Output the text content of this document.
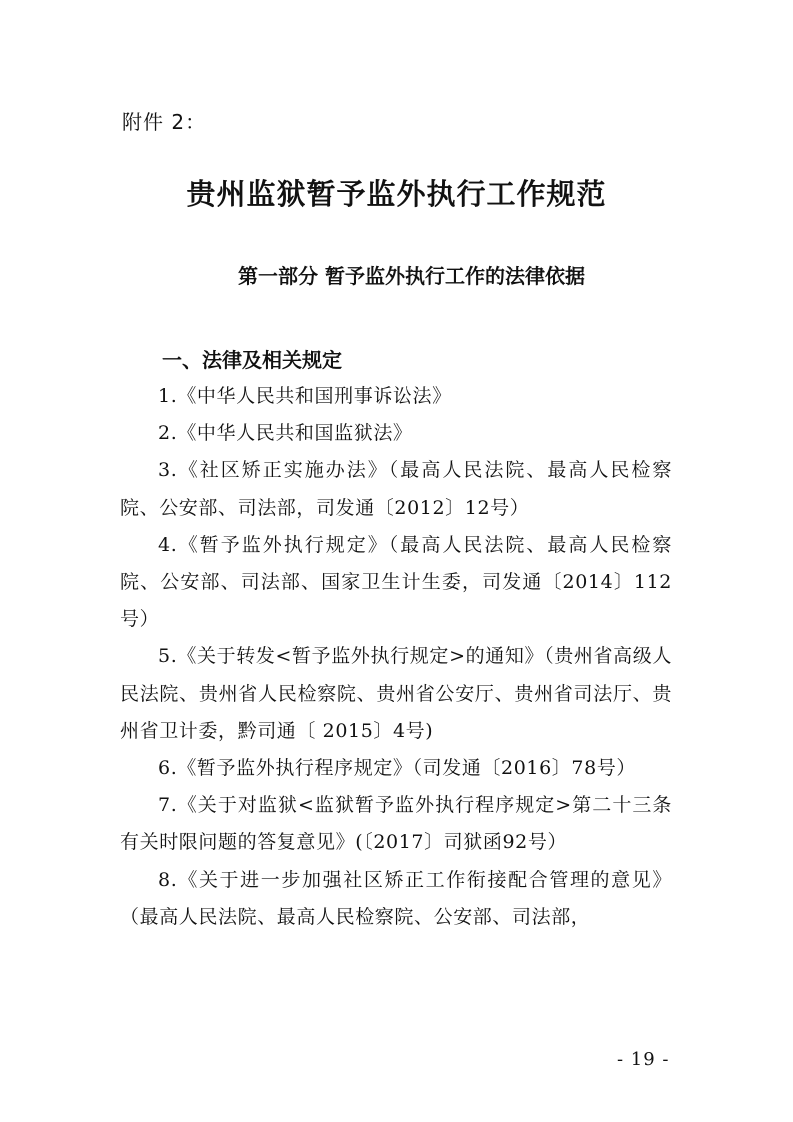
附件 2：
贵州监狱暂予监外执行工作规范
第一部分 暂予监外执行工作的法律依据
一、法律及相关规定

1.《中华人民共和国刑事诉讼法》

2.《中华人民共和国监狱法》

3.《社区矫正实施办法》（最高人民法院、最高人民检察院、公安部、司法部，司发通〔2012〕12号）

4.《暂予监外执行规定》（最高人民法院、最高人民检察院、公安部、司法部、国家卫生计生委，司发通〔2014〕112号）

5.《关于转发<暂予监外执行规定>的通知》（贵州省高级人民法院、贵州省人民检察院、贵州省公安厅、贵州省司法厅、贵州省卫计委，黔司通〔 2015〕4号)

6.《暂予监外执行程序规定》（司发通〔2016〕78号）

7.《关于对监狱<监狱暂予监外执行程序规定>第二十三条有关时限问题的答复意见》(〔2017〕司狱函92号）

8.《关于进一步加强社区矫正工作衔接配合管理的意见》（最高人民法院、最高人民检察院、公安部、司法部，

- 19 -
